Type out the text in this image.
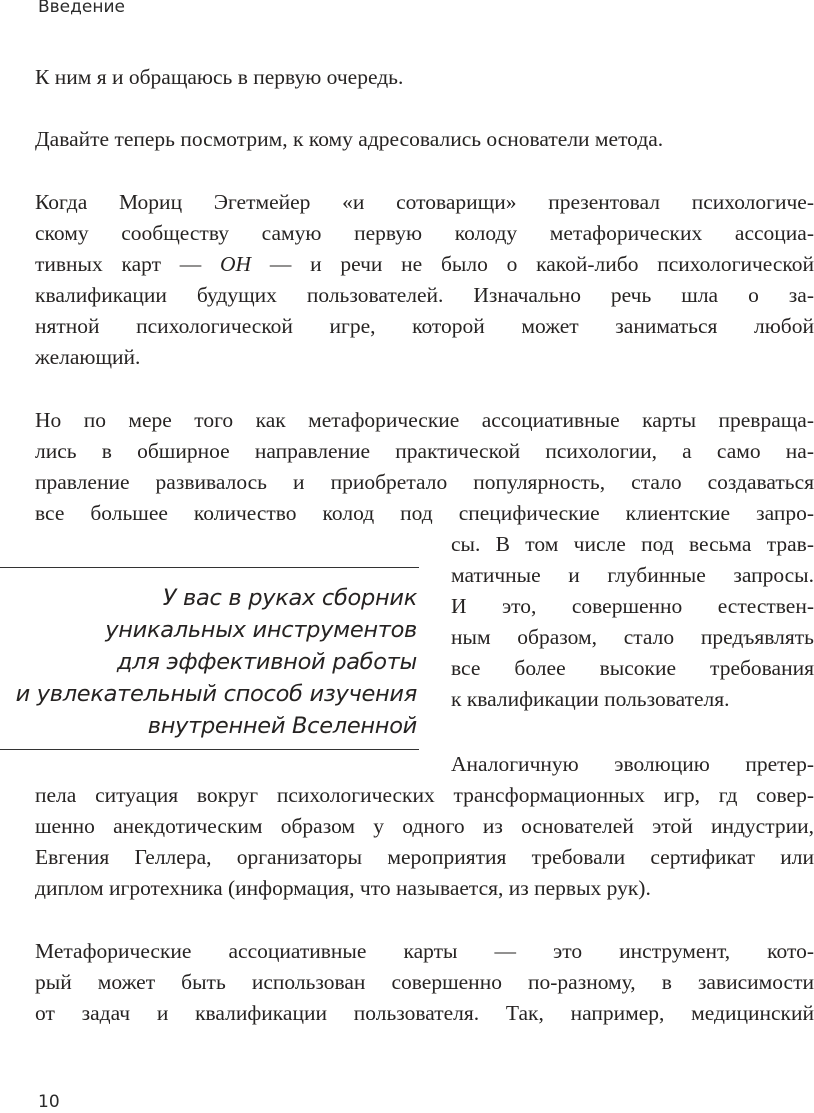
Введение
К ним я и обращаюсь в первую очередь.
Давайте теперь посмотрим, к кому адресовались основатели метода.
Когда Мориц Эгетмейер «и сотоварищи» презентовал психологиче-
скому сообществу самую первую колоду метафорических ассоциа-
тивных карт — ОН — и речи не было о какой-либо психологической
квалификации будущих пользователей. Изначально речь шла о за-
нятной психологической игре, которой может заниматься любой
желающий.
Но по мере того как метафорические ассоциативные карты превраща-
лись в обширное направление практической психологии, а само на-
правление развивалось и приобретало популярность, стало создаваться
все большее количество колод под специфические клиентские запро-
сы. В том числе под весьма трав-
матичные и глубинные запросы.
И это, совершенно естествен-
ным образом, стало предъявлять
все более высокие требования
к квалификации пользователя.
Аналогичную эволюцию претер-
пела ситуация вокруг психологических трансформационных игр, гд совер-
шенно анекдотическим образом у одного из основателей этой индустрии,
Евгения Геллера, организаторы мероприятия требовали сертификат или
диплом игротехника (информация, что называется, из первых рук).
Метафорические ассоциативные карты — это инструмент, кото-
рый может быть использован совершенно по-разному, в зависимости
от задач и квалификации пользователя. Так, например, медицинский
У вас в руках сборник
уникальных инструментов
для эффективной работы
и увлекательный способ изучения
внутренней Вселенной
10
